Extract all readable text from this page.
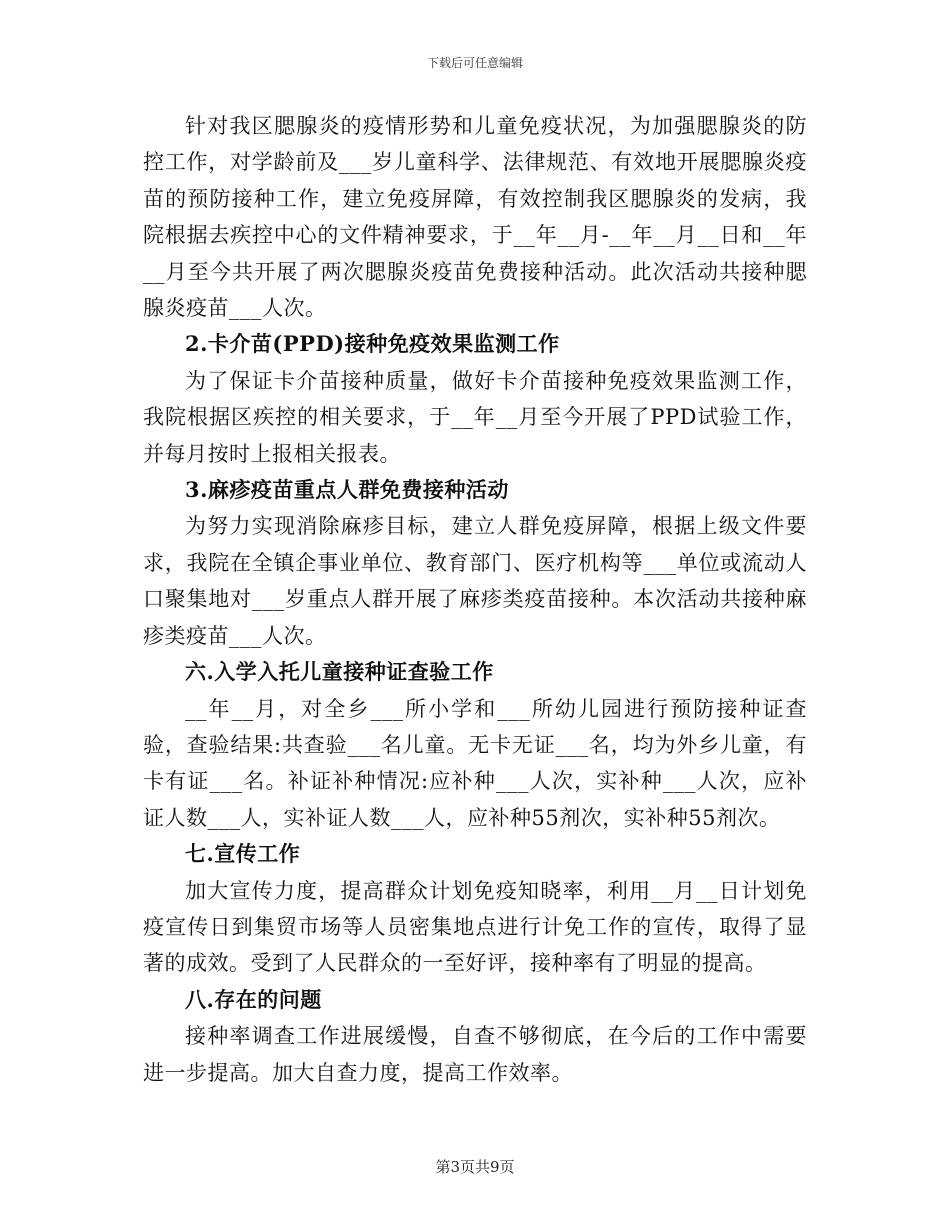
下载后可任意编辑

针对我区腮腺炎的疫情形势和儿童免疫状况，为加强腮腺炎的防控工作，对学龄前及___岁儿童科学、法律规范、有效地开展腮腺炎疫苗的预防接种工作，建立免疫屏障，有效控制我区腮腺炎的发病，我院根据去疾控中心的文件精神要求，于__年__月-__年__月__日和__年__月至今共开展了两次腮腺炎疫苗免费接种活动。此次活动共接种腮腺炎疫苗___人次。

2.卡介苗(PPD)接种免疫效果监测工作

为了保证卡介苗接种质量，做好卡介苗接种免疫效果监测工作，我院根据区疾控的相关要求，于__年__月至今开展了PPD试验工作，并每月按时上报相关报表。

3.麻疹疫苗重点人群免费接种活动

为努力实现消除麻疹目标，建立人群免疫屏障，根据上级文件要求，我院在全镇企事业单位、教育部门、医疗机构等___单位或流动人口聚集地对___岁重点人群开展了麻疹类疫苗接种。本次活动共接种麻疹类疫苗___人次。

六.入学入托儿童接种证查验工作

__年__月，对全乡___所小学和___所幼儿园进行预防接种证查验，查验结果:共查验___名儿童。无卡无证___名，均为外乡儿童，有卡有证___名。补证补种情况:应补种___人次，实补种___人次，应补证人数___人，实补证人数___人，应补种55剂次，实补种55剂次。

七.宣传工作

加大宣传力度，提高群众计划免疫知晓率，利用__月__日计划免疫宣传日到集贸市场等人员密集地点进行计免工作的宣传，取得了显著的成效。受到了人民群众的一至好评，接种率有了明显的提高。

八.存在的问题

接种率调查工作进展缓慢，自查不够彻底，在今后的工作中需要进一步提高。加大自查力度，提高工作效率。

第3页共9页
